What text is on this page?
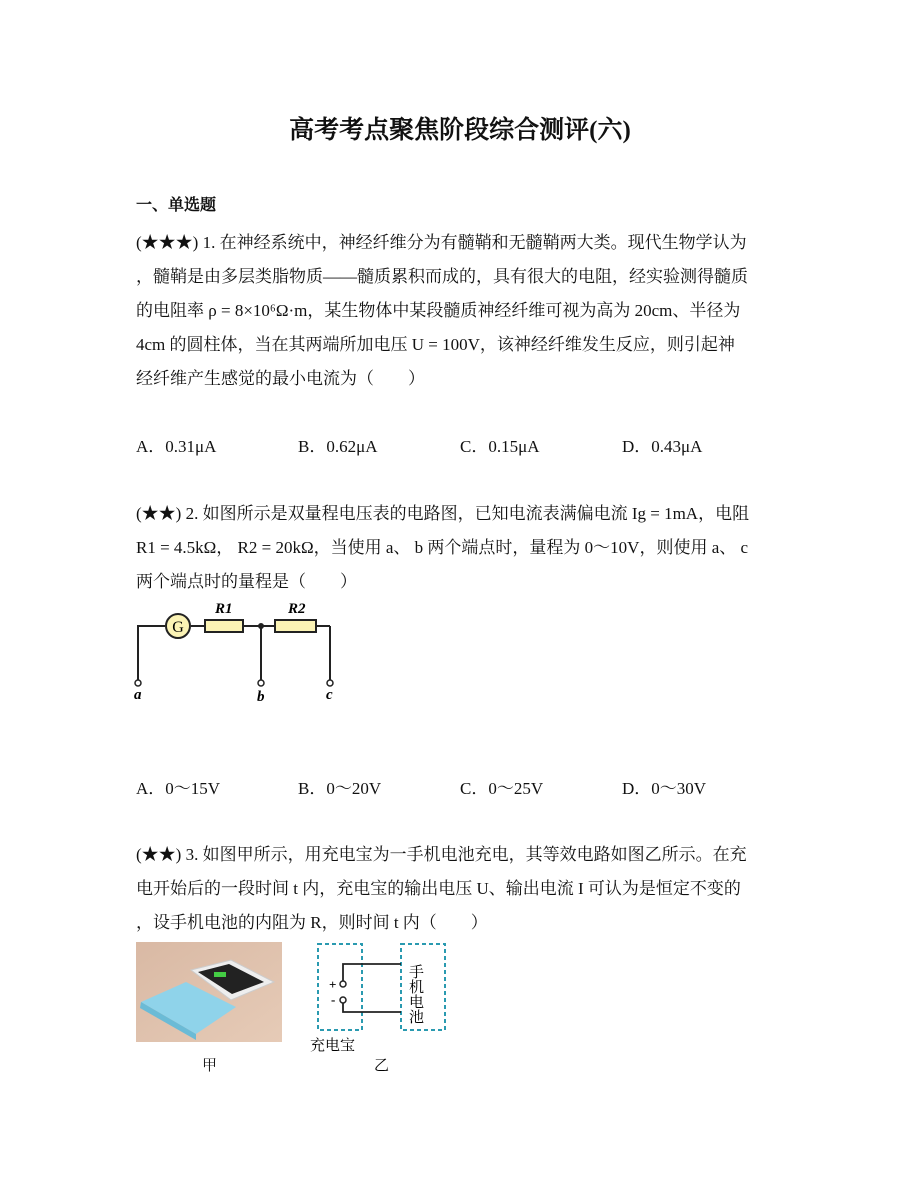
高考考点聚焦阶段综合测评(六)
一、单选题
(★★★) 1. 在神经系统中，神经纤维分为有髓鞘和无髓鞘两大类。现代生物学认为
，髓鞘是由多层类脂物质——髓质累积而成的，具有很大的电阻，经实验测得髓质
的电阻率 ρ = 8×10⁶Ω·m，某生物体中某段髓质神经纤维可视为高为 20cm、半径为
4cm 的圆柱体，当在其两端所加电压 U = 100V，该神经纤维发生反应，则引起神
经纤维产生感觉的最小电流为（　　）
A．0.31μA	B．0.62μA	C．0.15μA	D．0.43μA
(★★) 2. 如图所示是双量程电压表的电路图，已知电流表满偏电流 Ig = 1mA，电阻
R1 = 4.5kΩ， R2 = 20kΩ，当使用 a、 b 两个端点时，量程为 0～10V，则使用 a、 c
两个端点时的量程是（　　）
G
R1	R2
a	b	c
A．0～15V	B．0～20V	C．0～25V	D．0～30V
(★★) 3. 如图甲所示，用充电宝为一手机电池充电，其等效电路如图乙所示。在充
电开始后的一段时间 t 内，充电宝的输出电压 U、输出电流 I 可认为是恒定不变的
，设手机电池的内阻为 R，则时间 t 内（　　）
甲
+
-	手机电池
充电宝
乙
